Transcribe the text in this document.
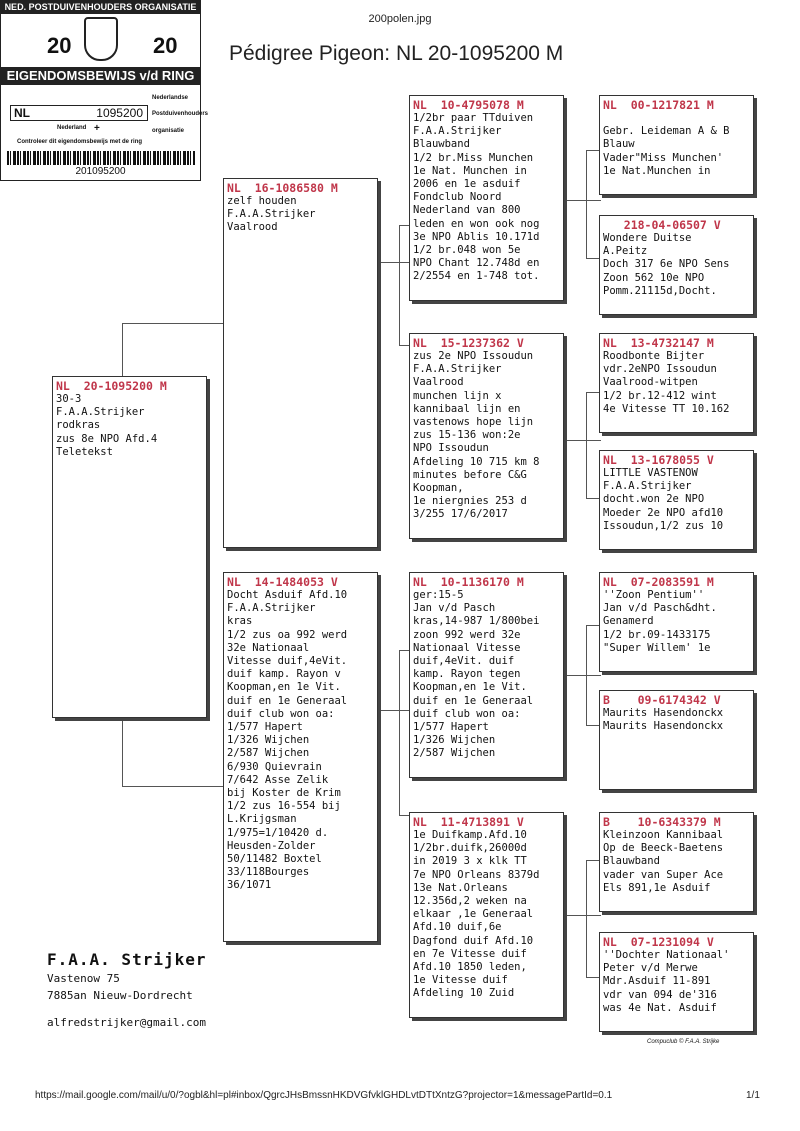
200polen.jpg
Pédigree Pigeon: NL 20-1095200 M
NED. POSTDUIVENHOUDERS ORGANISATIE
20	20
EIGENDOMSBEWIJS v/d RING
NL	1095200
Nederlandse
Postduivenhouders
organisatie
Nederland +
Controleer dit eigendomsbewijs met de ring
201095200
NL  20-1095200 M
30-3
F.A.A.Strijker
rodkras
zus 8e NPO Afd.4
Teletekst
NL  16-1086580 M
zelf houden
F.A.A.Strijker
Vaalrood
NL  14-1484053 V
Docht Asduif Afd.10
F.A.A.Strijker
kras
1/2 zus oa 992 werd
32e Nationaal
Vitesse duif,4eVit.
duif kamp. Rayon v
Koopman,en 1e Vit.
duif en 1e Generaal
duif club won oa:
1/577 Hapert
1/326 Wijchen
2/587 Wijchen
6/930 Quievrain
7/642 Asse Zelik
bij Koster de Krim
1/2 zus 16-554 bij
L.Krijgsman
1/975=1/10420 d.
Heusden-Zolder
50/11482 Boxtel
33/118Bourges
36/1071
NL  10-4795078 M
1/2br paar TTduiven
F.A.A.Strijker
Blauwband
1/2 br.Miss Munchen
1e Nat. Munchen in
2006 en 1e asduif
Fondclub Noord
Nederland van 800
leden en won ook nog
3e NPO Ablis 10.171d
1/2 br.048 won 5e
NPO Chant 12.748d en
2/2554 en 1-748 tot.
NL  15-1237362 V
zus 2e NPO Issoudun
F.A.A.Strijker
Vaalrood
munchen lijn x
kannibaal lijn en
vastenows hope lijn
zus 15-136 won:2e
NPO Issoudun
Afdeling 10 715 km 8
minutes before C&G
Koopman,
1e niergnies 253 d
3/255 17/6/2017
NL  10-1136170 M
ger:15-5
Jan v/d Pasch
kras,14-987 1/800bei
zoon 992 werd 32e
Nationaal Vitesse
duif,4eVit. duif
kamp. Rayon tegen
Koopman,en 1e Vit.
duif en 1e Generaal
duif club won oa:
1/577 Hapert
1/326 Wijchen
2/587 Wijchen
NL  11-4713891 V
1e Duifkamp.Afd.10
1/2br.duifk,26000d
in 2019 3 x klk TT
7e NPO Orleans 8379d
13e Nat.Orleans
12.356d,2 weken na
elkaar ,1e Generaal
Afd.10 duif,6e
Dagfond duif Afd.10
en 7e Vitesse duif
Afd.10 1850 leden,
1e Vitesse duif
Afdeling 10 Zuid
NL  00-1217821 M

Gebr. Leideman A & B
Blauw
Vader"Miss Munchen'
1e Nat.Munchen in
218-04-06507 V
Wondere Duitse
A.Peitz
Doch 317 6e NPO Sens
Zoon 562 10e NPO
Pomm.21115d,Docht.
NL  13-4732147 M
Roodbonte Bijter
vdr.2eNPO Issoudun
Vaalrood-witpen
1/2 br.12-412 wint
4e Vitesse TT 10.162
NL  13-1678055 V
LITTLE VASTENOW
F.A.A.Strijker
docht.won 2e NPO
Moeder 2e NPO afd10
Issoudun,1/2 zus 10
NL  07-2083591 M
''Zoon Pentium''
Jan v/d Pasch&dht.
Genamerd
1/2 br.09-1433175
"Super Willem' 1e
B    09-6174342 V
Maurits Hasendonckx
Maurits Hasendonckx
B    10-6343379 M
Kleinzoon Kannibaal
Op de Beeck-Baetens
Blauwband
vader van Super Ace
Els 891,1e Asduif
NL  07-1231094 V
''Dochter Nationaal'
Peter v/d Merwe
Mdr.Asduif 11-891
vdr van 094 de'316
was 4e Nat. Asduif
F.A.A. Strijker
Vastenow 75
7885an Nieuw-Dordrecht
alfredstrijker@gmail.com
Compuclub © F.A.A. Strijke
https://mail.google.com/mail/u/0/?ogbl&hl=pl#inbox/QgrcJHsBmssnHKDVGfvklGHDLvtDTtXntzG?projector=1&messagePartId=0.1	1/1
